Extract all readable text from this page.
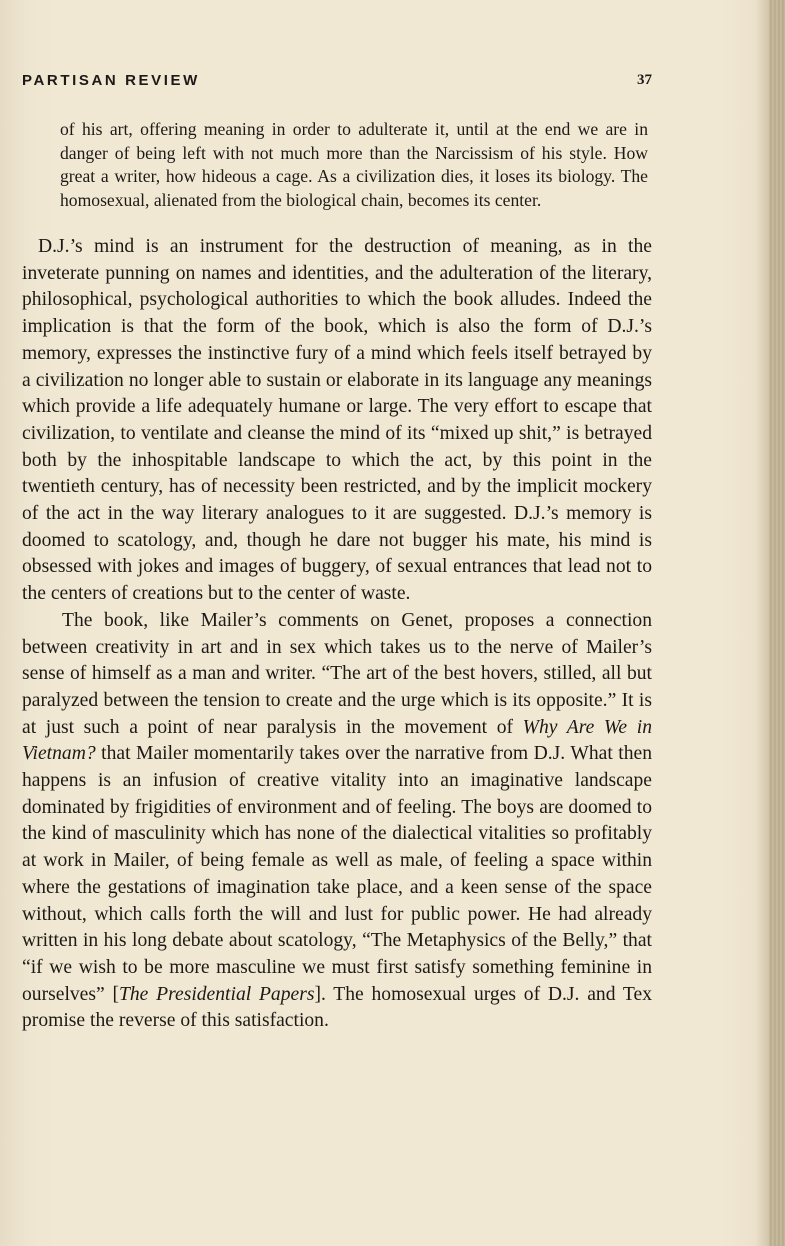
PARTISAN REVIEW	37

of his art, offering meaning in order to adulterate it, until at the end we are in danger of being left with not much more than the Narcissism of his style. How great a writer, how hideous a cage. As a civilization dies, it loses its biology. The homosexual, alienated from the biological chain, becomes its center.

D.J.’s mind is an instrument for the destruction of meaning, as in the inveterate punning on names and identities, and the adulteration of the literary, philosophical, psychological authorities to which the book alludes. Indeed the implication is that the form of the book, which is also the form of D.J.’s memory, expresses the instinctive fury of a mind which feels itself betrayed by a civilization no longer able to sustain or elaborate in its language any meanings which provide a life adequately humane or large. The very effort to escape that civilization, to ventilate and cleanse the mind of its “mixed up shit,” is betrayed both by the inhospitable landscape to which the act, by this point in the twentieth century, has of necessity been restricted, and by the implicit mockery of the act in the way literary analogues to it are suggested. D.J.’s memory is doomed to scatology, and, though he dare not bugger his mate, his mind is obsessed with jokes and images of buggery, of sexual entrances that lead not to the centers of creations but to the center of waste.

The book, like Mailer’s comments on Genet, proposes a connection between creativity in art and in sex which takes us to the nerve of Mailer’s sense of himself as a man and writer. “The art of the best hovers, stilled, all but paralyzed between the tension to create and the urge which is its opposite.” It is at just such a point of near paralysis in the movement of Why Are We in Vietnam? that Mailer momentarily takes over the narrative from D.J. What then happens is an infusion of creative vitality into an imaginative landscape dominated by frigidities of environment and of feeling. The boys are doomed to the kind of masculinity which has none of the dialectical vitalities so profitably at work in Mailer, of being female as well as male, of feeling a space within where the gestations of imagination take place, and a keen sense of the space without, which calls forth the will and lust for public power. He had already written in his long debate about scatology, “The Metaphysics of the Belly,” that “if we wish to be more masculine we must first satisfy something feminine in ourselves” [The Presidential Papers]. The homosexual urges of D.J. and Tex promise the reverse of this satisfaction.
